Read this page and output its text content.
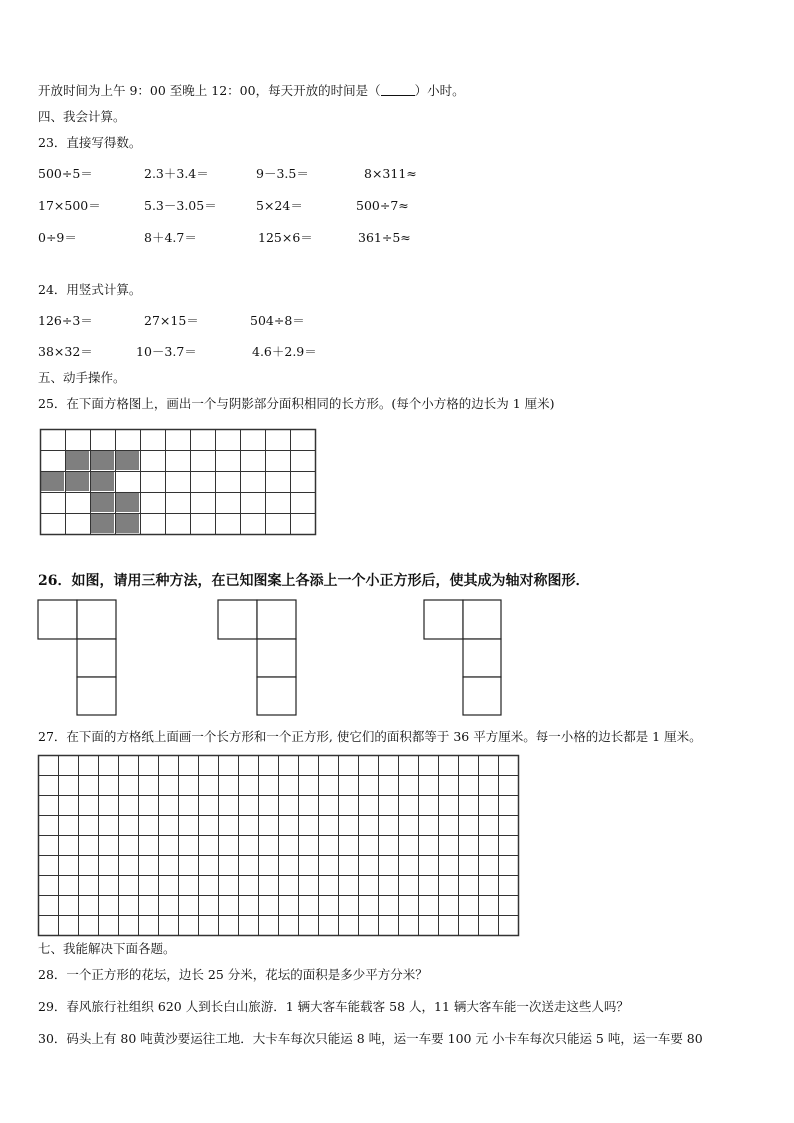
开放时间为上午 9：00 至晚上 12：00，每天开放的时间是（	）小时。
四、我会计算。
23．直接写得数。
500÷5＝	2.3＋3.4＝	9－3.5＝	8×311≈
17×500＝	5.3－3.05＝	5×24＝	500÷7≈
0÷9＝	8＋4.7＝	125×6＝	361÷5≈
24．用竖式计算。
126÷3＝	27×15＝	504÷8＝
38×32＝	10－3.7＝	4.6＋2.9＝
五、动手操作。
25．在下面方格图上，画出一个与阴影部分面积相同的长方形。(每个小方格的边长为 1 厘米)
26．如图，请用三种方法，在已知图案上各添上一个小正方形后，使其成为轴对称图形．
27．在下面的方格纸上面画一个长方形和一个正方形, 使它们的面积都等于 36 平方厘米。每一小格的边长都是 1 厘米。
七、我能解决下面各题。
28．一个正方形的花坛，边长 25 分米，花坛的面积是多少平方分米？
29．春风旅行社组织 620 人到长白山旅游．1 辆大客车能载客 58 人，11 辆大客车能一次送走这些人吗？
30．码头上有 80 吨黄沙要运往工地．大卡车每次只能运 8 吨，运一车要 100 元 小卡车每次只能运 5 吨，运一车要 80
